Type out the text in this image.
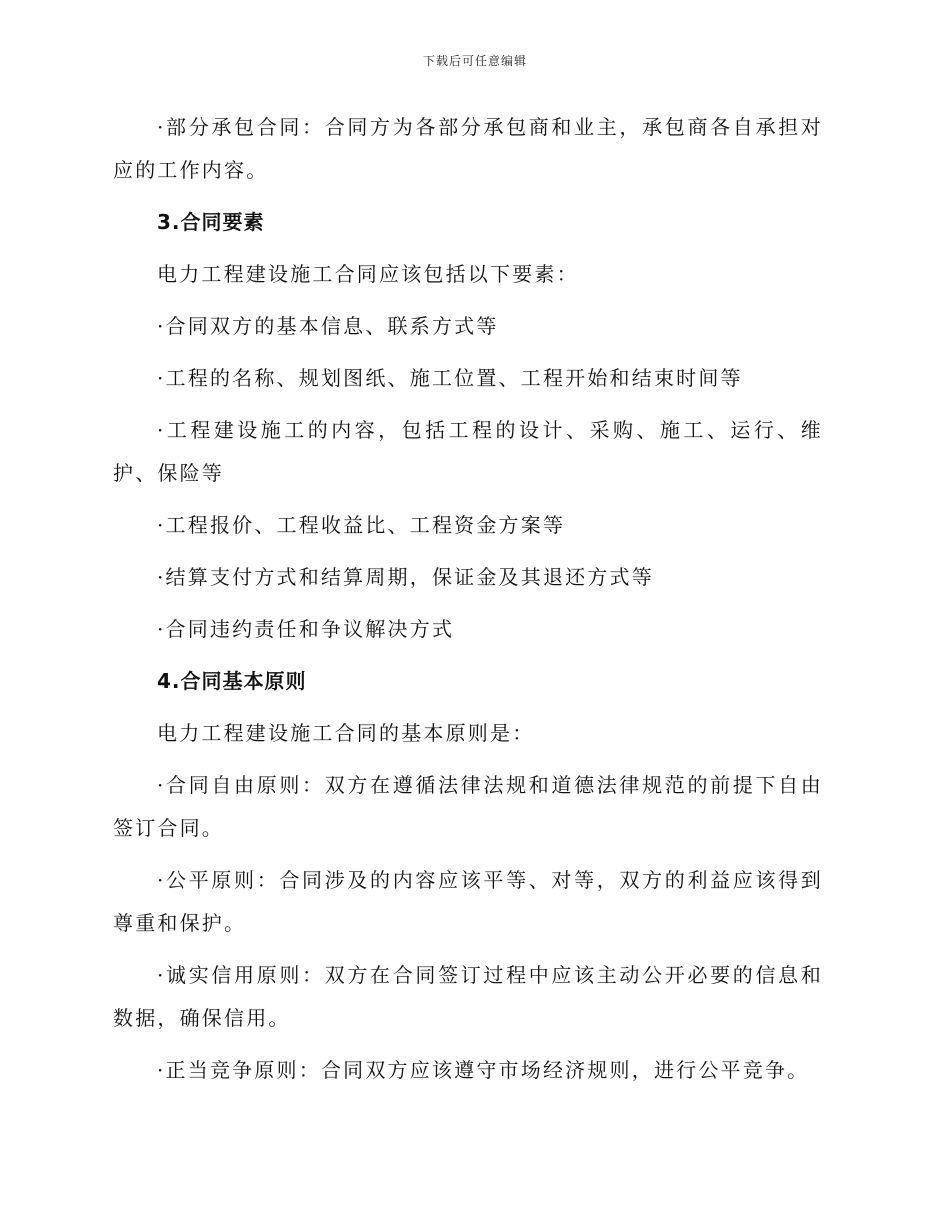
下载后可任意编辑

·部分承包合同：合同方为各部分承包商和业主，承包商各自承担对应的工作内容。

3.合同要素

电力工程建设施工合同应该包括以下要素：

·合同双方的基本信息、联系方式等

·工程的名称、规划图纸、施工位置、工程开始和结束时间等

·工程建设施工的内容，包括工程的设计、采购、施工、运行、维护、保险等

·工程报价、工程收益比、工程资金方案等

·结算支付方式和结算周期，保证金及其退还方式等

·合同违约责任和争议解决方式

4.合同基本原则

电力工程建设施工合同的基本原则是：

·合同自由原则：双方在遵循法律法规和道德法律规范的前提下自由签订合同。

·公平原则：合同涉及的内容应该平等、对等，双方的利益应该得到尊重和保护。

·诚实信用原则：双方在合同签订过程中应该主动公开必要的信息和数据，确保信用。

·正当竞争原则：合同双方应该遵守市场经济规则，进行公平竞争。
